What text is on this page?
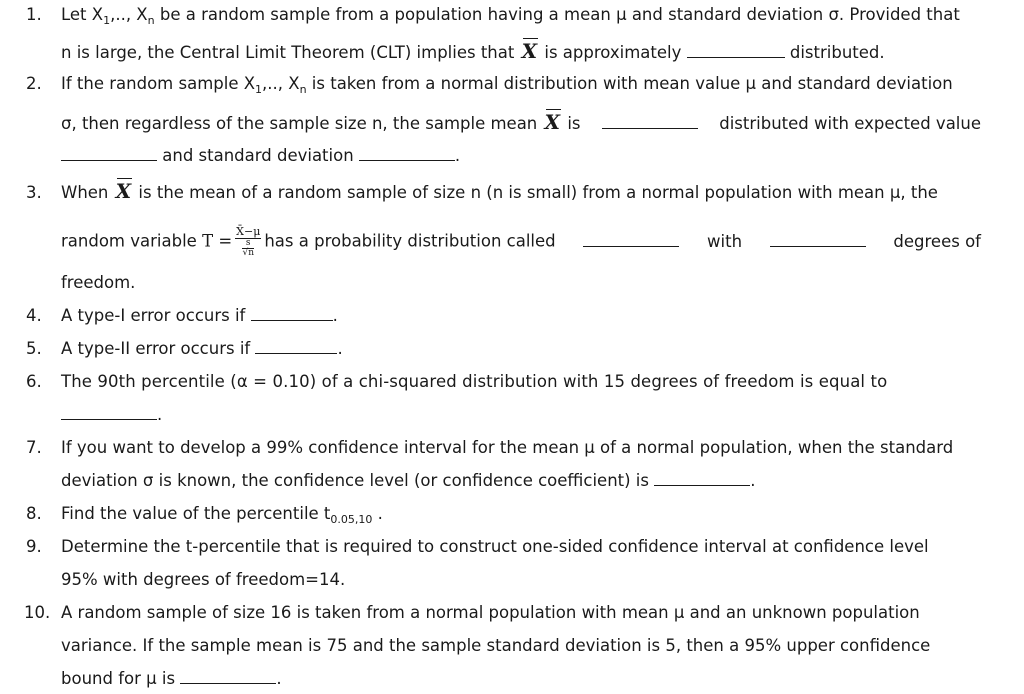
1.	Let $X_1$,.., $X_n$ be a random sample from a population having a mean μ and standard deviation σ. Provided that
n is large, the Central Limit Theorem (CLT) implies that X is approximately	distributed.
2.	If the random sample $X_1$,.., $X_n$ is taken from a normal distribution with mean value μ and standard deviation
σ, then regardless of the sample size n, the sample mean X is	distributed with expected value
and standard deviation	.
3.	When X is the mean of a random sample of size n (n is small) from a normal population with mean μ, the
random variable $T = \frac{X̄-\mu}{\frac{s}{√n}}$ has a probability distribution called	with	degrees of
freedom.
4.	A type-I error occurs if	.
5.	A type-II error occurs if	.
6.	The 90th percentile (α = 0.10) of a chi-squared distribution with 15 degrees of freedom is equal to
.
7.	If you want to develop a 99% confidence interval for the mean μ of a normal population, when the standard
deviation σ is known, the confidence level (or confidence coefficient) is	.
8.	Find the value of the percentile $t_{0.05,10}$ .
9.	Determine the t-percentile that is required to construct one-sided confidence interval at confidence level
95% with degrees of freedom=14.
10. A random sample of size 16 is taken from a normal population with mean μ and an unknown population
variance. If the sample mean is 75 and the sample standard deviation is 5, then a 95% upper confidence
bound for μ is	.
